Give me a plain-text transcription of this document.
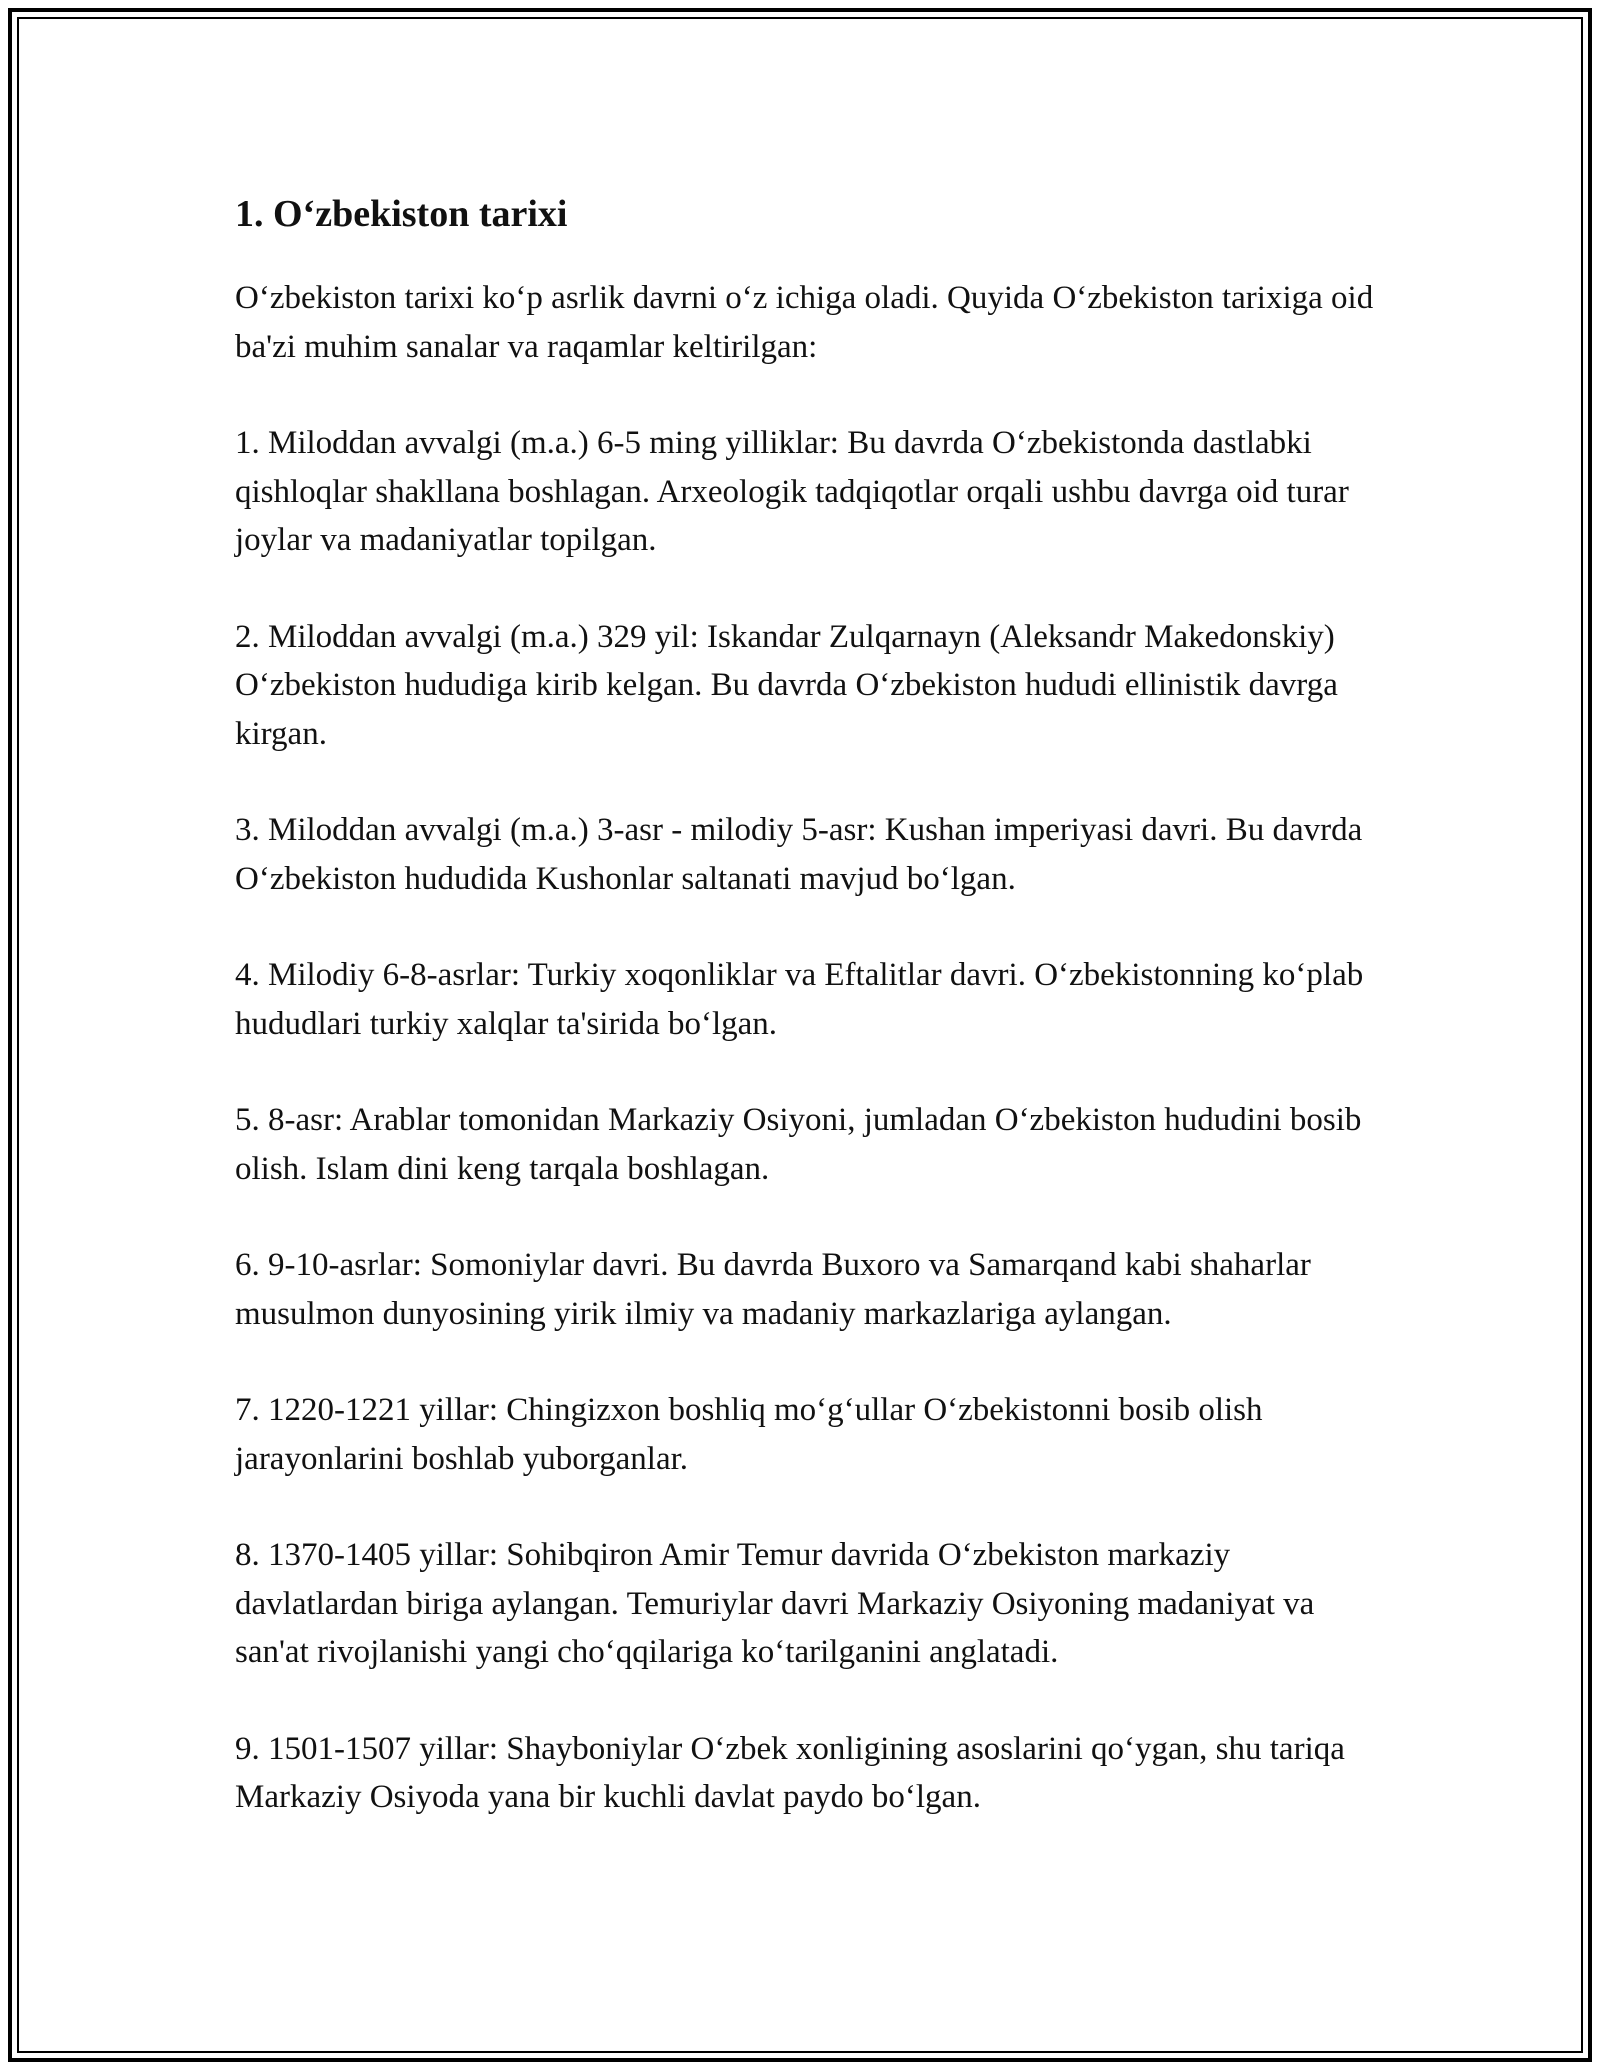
1. O‘zbekiston tarixi

O‘zbekiston tarixi ko‘p asrlik davrni o‘z ichiga oladi. Quyida O‘zbekiston tarixiga oid ba'zi muhim sanalar va raqamlar keltirilgan:

1. Miloddan avvalgi (m.a.) 6-5 ming yilliklar: Bu davrda O‘zbekistonda dastlabki qishloqlar shakllana boshlagan. Arxeologik tadqiqotlar orqali ushbu davrga oid turar joylar va madaniyatlar topilgan.

2. Miloddan avvalgi (m.a.) 329 yil: Iskandar Zulqarnayn (Aleksandr Makedonskiy) O‘zbekiston hududiga kirib kelgan. Bu davrda O‘zbekiston hududi ellinistik davrga kirgan.

3. Miloddan avvalgi (m.a.) 3-asr - milodiy 5-asr: Kushan imperiyasi davri. Bu davrda O‘zbekiston hududida Kushonlar saltanati mavjud bo‘lgan.

4. Milodiy 6-8-asrlar: Turkiy xoqonliklar va Eftalitlar davri. O‘zbekistonning ko‘plab hududlari turkiy xalqlar ta'sirida bo‘lgan.

5. 8-asr: Arablar tomonidan Markaziy Osiyoni, jumladan O‘zbekiston hududini bosib olish. Islam dini keng tarqala boshlagan.

6. 9-10-asrlar: Somoniylar davri. Bu davrda Buxoro va Samarqand kabi shaharlar musulmon dunyosining yirik ilmiy va madaniy markazlariga aylangan.

7. 1220-1221 yillar: Chingizxon boshliq mo‘g‘ullar O‘zbekistonni bosib olish jarayonlarini boshlab yuborganlar.

8. 1370-1405 yillar: Sohibqiron Amir Temur davrida O‘zbekiston markaziy davlatlardan biriga aylangan. Temuriylar davri Markaziy Osiyoning madaniyat va san'at rivojlanishi yangi cho‘qqilariga ko‘tarilganini anglatadi.

9. 1501-1507 yillar: Shayboniylar O‘zbek xonligining asoslarini qo‘ygan, shu tariqa Markaziy Osiyoda yana bir kuchli davlat paydo bo‘lgan.
